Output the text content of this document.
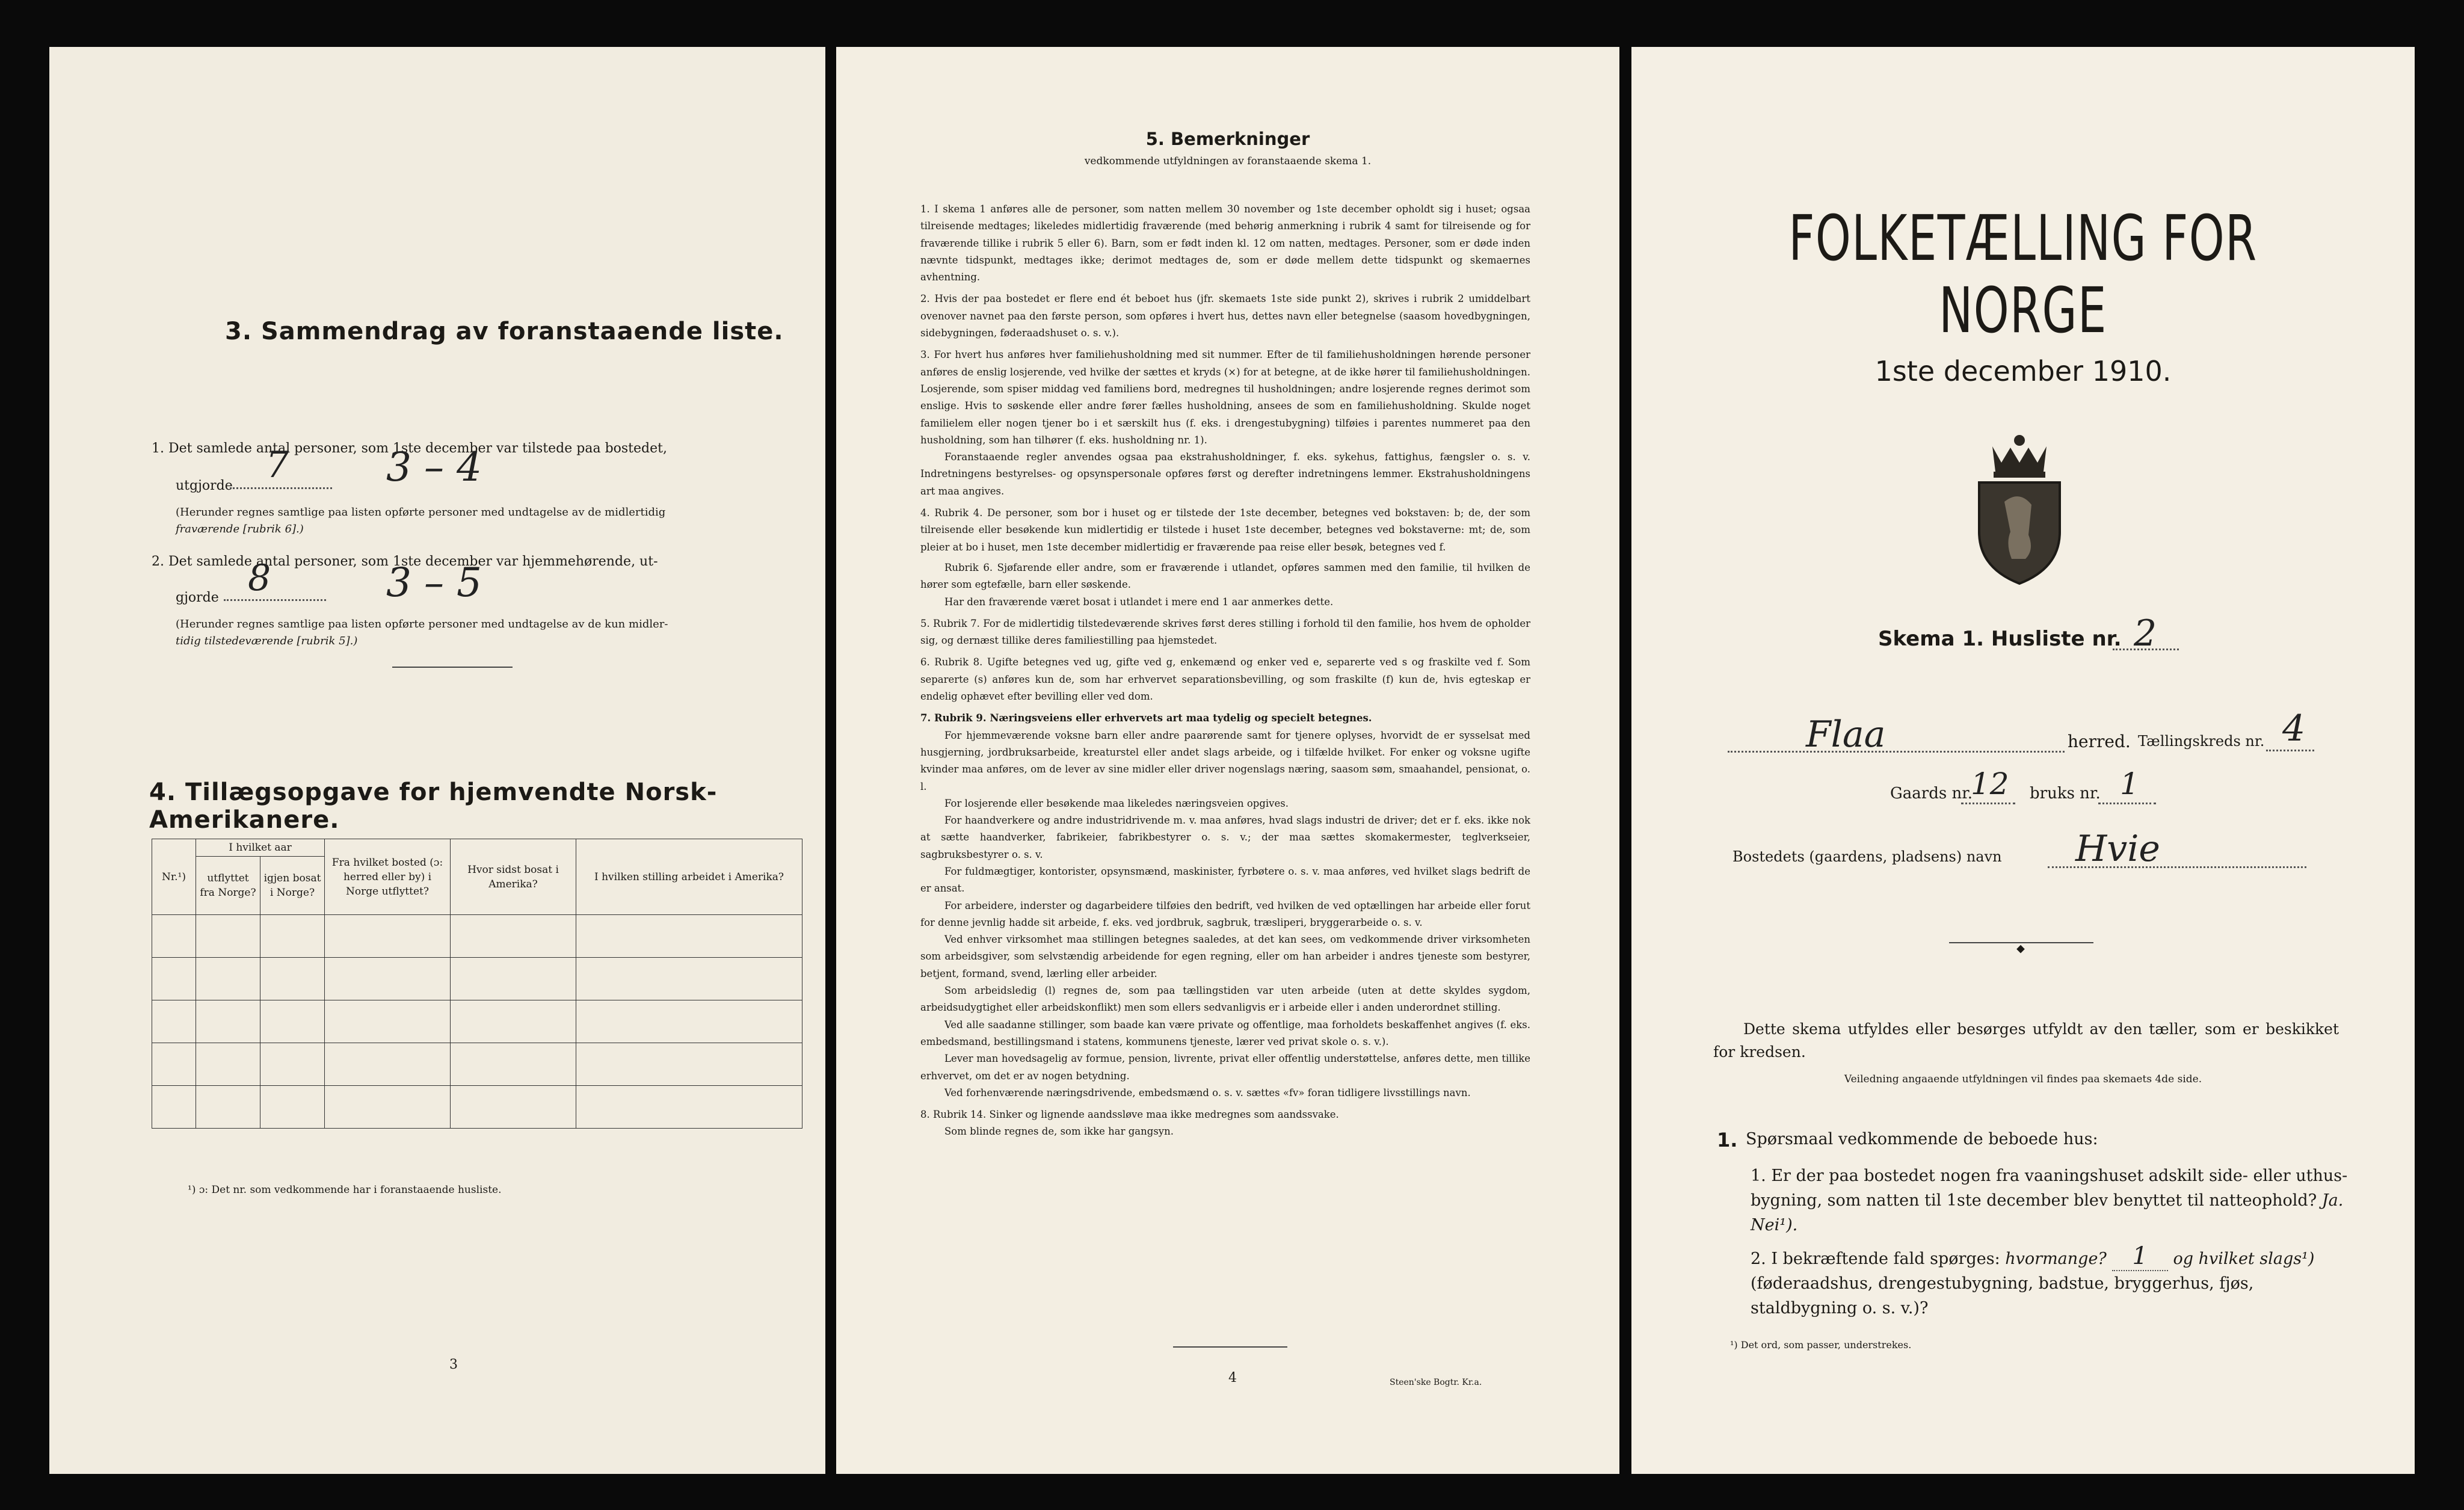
3. Sammendrag av foranstaaende liste.
1. Det samlede antal personer, som 1ste december var tilstede paa bostedet,
utgjorde 7 3 – 4
(Herunder regnes samtlige paa listen opførte personer med undtagelse av de midlertidig
fraværende [rubrik 6].)
2. Det samlede antal personer, som 1ste december var hjemmehørende, ut-
gjorde 8	3 – 5
(Herunder regnes samtlige paa listen opførte personer med undtagelse av de kun midler-
tidig tilstedeværende [rubrik 5].)
4. Tillægsopgave for hjemvendte Norsk-Amerikanere.
Nr.¹)	I hvilket aar		Fra hvilket bosted (ɔ: herred eller by) i Norge utflyttet?	Hvor sidst bosat i Amerika?	I hvilken stilling arbeidet i Amerika?
	utflyttet fra Norge?	igjen bosat i Norge?			

¹) ɔ: Det nr. som vedkommende har i foranstaaende husliste.
3
5. Bemerkninger
vedkommende utfyldningen av foranstaaende skema 1.

1. I skema 1 anføres alle de personer, som natten mellem 30 november og 1ste december opholdt sig i huset; ogsaa tilreisende medtages; likeledes midlertidig fraværende (med behørig anmerkning i rubrik 4 samt for tilreisende og for fraværende tillike i rubrik 5 eller 6). Barn, som er født inden kl. 12 om natten, medtages. Personer, som er døde inden nævnte tidspunkt, medtages ikke; derimot medtages de, som er døde mellem dette tidspunkt og skemaernes avhentning.

2. Hvis der paa bostedet er flere end ét beboet hus (jfr. skemaets 1ste side punkt 2), skrives i rubrik 2 umiddelbart ovenover navnet paa den første person, som opføres i hvert hus, dettes navn eller betegnelse (saasom hovedbygningen, sidebygningen, føderaadshuset o. s. v.).

3. For hvert hus anføres hver familiehusholdning med sit nummer. Efter de til familiehusholdningen hørende personer anføres de enslig losjerende, ved hvilke der sættes et kryds (×) for at betegne, at de ikke hører til familiehusholdningen. Losjerende, som spiser middag ved familiens bord, medregnes til husholdningen; andre losjerende regnes derimot som enslige. Hvis to søskende eller andre fører fælles husholdning, ansees de som en familiehusholdning. Skulde noget familielem eller nogen tjener bo i et særskilt hus (f. eks. i drengestubygning) tilføies i parentes nummeret paa den husholdning, som han tilhører (f. eks. husholdning nr. 1).

Foranstaaende regler anvendes ogsaa paa ekstrahusholdninger, f. eks. sykehus, fattighus, fængsler o. s. v. Indretningens bestyrelses- og opsynspersonale opføres først og derefter indretningens lemmer. Ekstrahusholdningens art maa angives.

4. Rubrik 4. De personer, som bor i huset og er tilstede der 1ste december, betegnes ved bokstaven: b; de, der som tilreisende eller besøkende kun midlertidig er tilstede i huset 1ste december, betegnes ved bokstaverne: mt; de, som pleier at bo i huset, men 1ste december midlertidig er fraværende paa reise eller besøk, betegnes ved f.

Rubrik 6. Sjøfarende eller andre, som er fraværende i utlandet, opføres sammen med den familie, til hvilken de hører som egtefælle, barn eller søskende.

Har den fraværende været bosat i utlandet i mere end 1 aar anmerkes dette.

5. Rubrik 7. For de midlertidig tilstedeværende skrives først deres stilling i forhold til den familie, hos hvem de opholder sig, og dernæst tillike deres familiestilling paa hjemstedet.

6. Rubrik 8. Ugifte betegnes ved ug, gifte ved g, enkemænd og enker ved e, separerte ved s og fraskilte ved f. Som separerte (s) anføres kun de, som har erhvervet separationsbevilling, og som fraskilte (f) kun de, hvis egteskap er endelig ophævet efter bevilling eller ved dom.

7. Rubrik 9. Næringsveiens eller erhvervets art maa tydelig og specielt betegnes.

For hjemmeværende voksne barn eller andre paarørende samt for tjenere oplyses, hvorvidt de er sysselsat med husgjerning, jordbruksarbeide, kreaturstel eller andet slags arbeide, og i tilfælde hvilket. For enker og voksne ugifte kvinder maa anføres, om de lever av sine midler eller driver nogenslags næring, saasom søm, smaahandel, pensionat, o. l.

For losjerende eller besøkende maa likeledes næringsveien opgives.

For haandverkere og andre industridrivende m. v. maa anføres, hvad slags industri de driver; det er f. eks. ikke nok at sætte haandverker, fabrikeier, fabrikbestyrer o. s. v.; der maa sættes skomakermester, teglverkseier, sagbruksbestyrer o. s. v.

For fuldmægtiger, kontorister, opsynsmænd, maskinister, fyrbøtere o. s. v. maa anføres, ved hvilket slags bedrift de er ansat.

For arbeidere, inderster og dagarbeidere tilføies den bedrift, ved hvilken de ved optællingen har arbeide eller forut for denne jevnlig hadde sit arbeide, f. eks. ved jordbruk, sagbruk, træsliperi, bryggerarbeide o. s. v.

Ved enhver virksomhet maa stillingen betegnes saaledes, at det kan sees, om vedkommende driver virksomheten som arbeidsgiver, som selvstændig arbeidende for egen regning, eller om han arbeider i andres tjeneste som bestyrer, betjent, formand, svend, lærling eller arbeider.

Som arbeidsledig (l) regnes de, som paa tællingstiden var uten arbeide (uten at dette skyldes sygdom, arbeidsudygtighet eller arbeidskonflikt) men som ellers sedvanligvis er i arbeide eller i anden underordnet stilling.

Ved alle saadanne stillinger, som baade kan være private og offentlige, maa forholdets beskaffenhet angives (f. eks. embedsmand, bestillingsmand i statens, kommunens tjeneste, lærer ved privat skole o. s. v.).

Lever man hovedsagelig av formue, pension, livrente, privat eller offentlig understøttelse, anføres dette, men tillike erhvervet, om det er av nogen betydning.

Ved forhenværende næringsdrivende, embedsmænd o. s. v. sættes «fv» foran tidligere livsstillings navn.

8. Rubrik 14. Sinker og lignende aandssløve maa ikke medregnes som aandssvake.

Som blinde regnes de, som ikke har gangsyn.

4	Steen'ske Bogtr. Kr.a.
FOLKETÆLLING FOR NORGE
1ste december 1910.
Skema 1. Husliste nr. 2
Flaa	herred. Tællingskreds nr. 4
Gaards nr.
12 bruks nr. 1
Bostedets (gaardens, pladsens) navn Hvie
⬥
Dette skema utfyldes eller besørges utfyldt av den tæller, som er beskikket for kredsen.
Veiledning angaaende utfyldningen vil findes paa skemaets 4de side.
1. Spørsmaal vedkommende de beboede hus:
1. Er der paa bostedet nogen fra vaaningshuset adskilt side- eller uthus-bygning, som natten til 1ste december blev benyttet til natteophold? Ja. Nei¹).
2. I bekræftende fald spørges: hvormange? 1 og hvilket slags¹) (føderaadshus, drengestubygning, badstue, bryggerhus, fjøs, staldbygning o. s. v.)?
¹) Det ord, som passer, understrekes.
